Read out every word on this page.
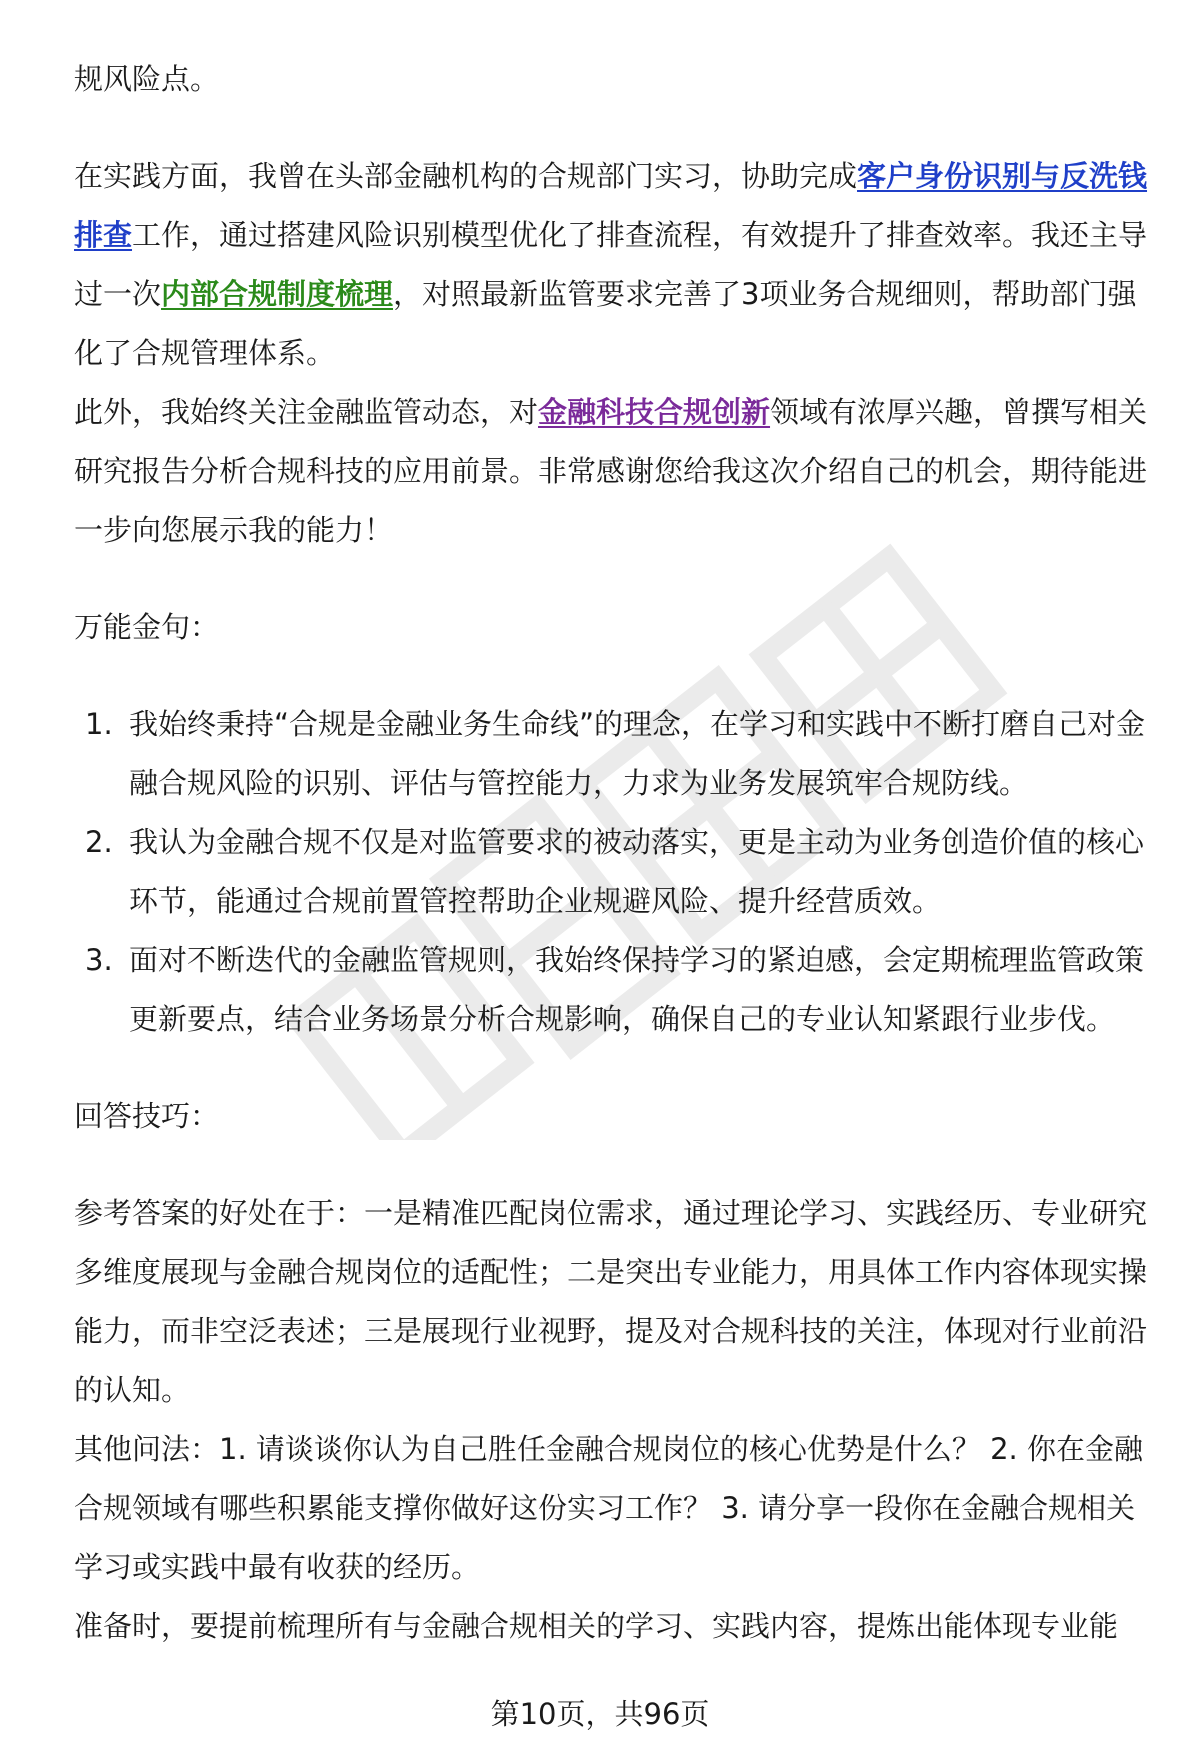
规风险点。

在实践方面，我曾在头部金融机构的合规部门实习，协助完成客户身份识别与反洗钱排查工作，通过搭建风险识别模型优化了排查流程，有效提升了排查效率。我还主导过一次内部合规制度梳理，对照最新监管要求完善了3项业务合规细则，帮助部门强化了合规管理体系。

此外，我始终关注金融监管动态，对金融科技合规创新领域有浓厚兴趣，曾撰写相关研究报告分析合规科技的应用前景。非常感谢您给我这次介绍自己的机会，期待能进一步向您展示我的能力！

万能金句：

1. 我始终秉持“合规是金融业务生命线”的理念，在学习和实践中不断打磨自己对金融合规风险的识别、评估与管控能力，力求为业务发展筑牢合规防线。
2. 我认为金融合规不仅是对监管要求的被动落实，更是主动为业务创造价值的核心环节，能通过合规前置管控帮助企业规避风险、提升经营质效。
3. 面对不断迭代的金融监管规则，我始终保持学习的紧迫感，会定期梳理监管政策更新要点，结合业务场景分析合规影响，确保自己的专业认知紧跟行业步伐。

回答技巧：

参考答案的好处在于：一是精准匹配岗位需求，通过理论学习、实践经历、专业研究多维度展现与金融合规岗位的适配性；二是突出专业能力，用具体工作内容体现实操能力，而非空泛表述；三是展现行业视野，提及对合规科技的关注，体现对行业前沿的认知。

其他问法：1. 请谈谈你认为自己胜任金融合规岗位的核心优势是什么？ 2. 你在金融合规领域有哪些积累能支撑你做好这份实习工作？ 3. 请分享一段你在金融合规相关学习或实践中最有收获的经历。

准备时，要提前梳理所有与金融合规相关的学习、实践内容，提炼出能体现专业能

第10页，共96页
